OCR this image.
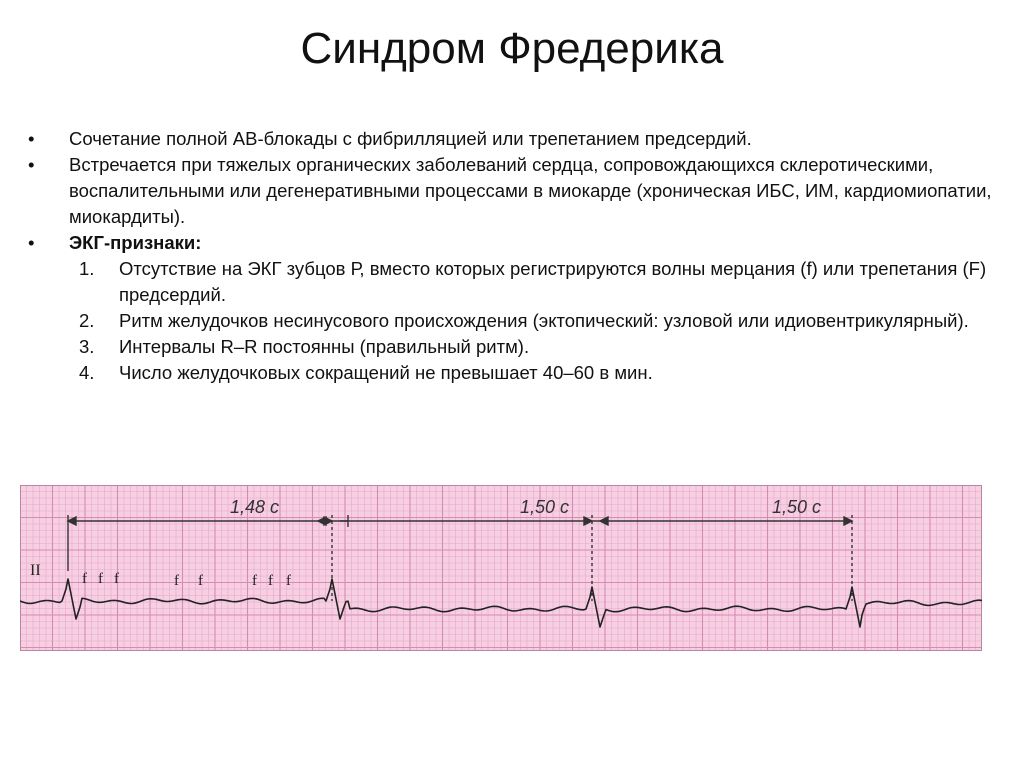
Синдром Фредерика
• Сочетание полной АВ-блокады с фибрилляцией или трепетанием предсердий.
• Встречается при тяжелых органических заболеваний сердца, сопровождающихся склеротическими, воспалительными или дегенеративными процессами в миокарде (хроническая ИБС, ИМ, кардиомиопатии, миокардиты).
• ЭКГ-признаки:
1. Отсутствие на ЭКГ зубцов Р, вместо которых регистрируются волны мерцания (f) или трепетания (F) предсердий.
2. Ритм желудочков несинусового происхождения (эктопический: узловой или идиовентрикулярный).
3. Интервалы R–R постоянны (правильный ритм).
4. Число желудочковых сокращений не превышает 40–60 в мин.
1,48 с	1,50 с	1,50 с
II	f f f	f f	f f f
